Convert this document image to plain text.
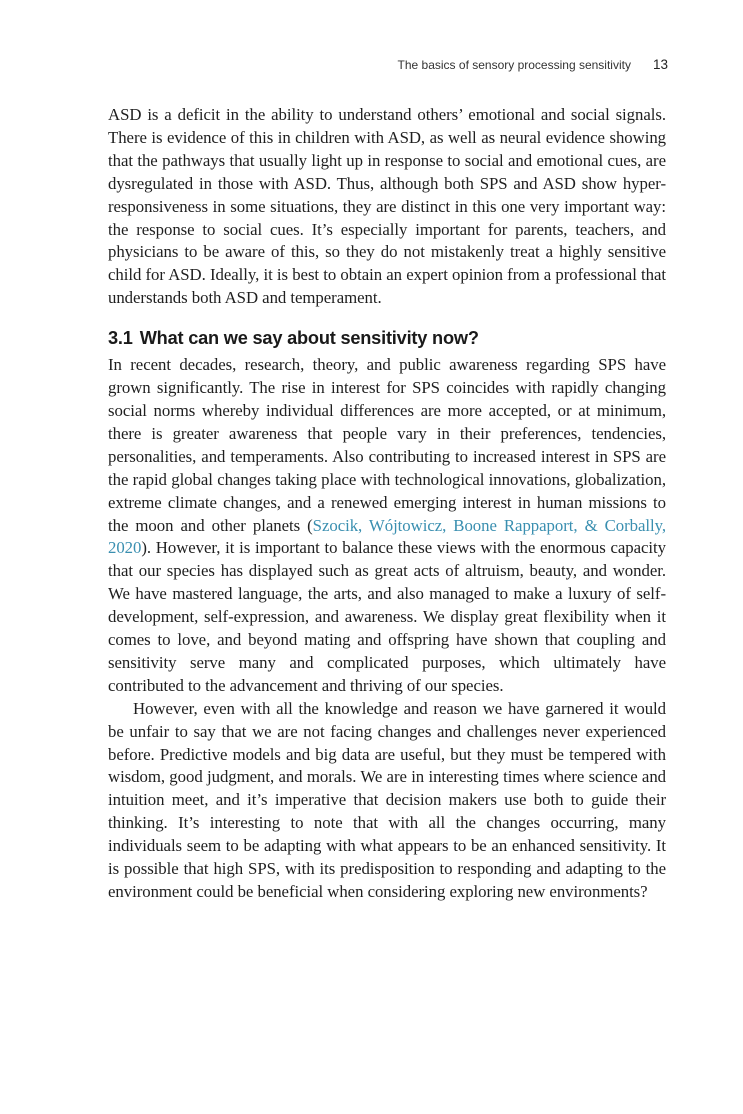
The basics of sensory processing sensitivity 13

ASD is a deficit in the ability to understand others’ emotional and social signals. There is evidence of this in children with ASD, as well as neural evidence showing that the pathways that usually light up in response to social and emotional cues, are dysregulated in those with ASD. Thus, although both SPS and ASD show hyper-responsiveness in some situations, they are distinct in this one very important way: the response to social cues. It’s especially important for parents, teachers, and physicians to be aware of this, so they do not mistakenly treat a highly sensitive child for ASD. Ideally, it is best to obtain an expert opinion from a professional that understands both ASD and temperament.

3.1 What can we say about sensitivity now?

In recent decades, research, theory, and public awareness regarding SPS have grown significantly. The rise in interest for SPS coincides with rapidly changing social norms whereby individual differences are more accepted, or at minimum, there is greater awareness that people vary in their preferences, tendencies, personalities, and temperaments. Also contributing to increased interest in SPS are the rapid global changes taking place with technological innovations, globalization, extreme climate changes, and a renewed emerging interest in human missions to the moon and other planets (Szocik, Wójtowicz, Boone Rappaport, & Corbally, 2020). However, it is important to balance these views with the enormous capacity that our species has displayed such as great acts of altruism, beauty, and wonder. We have mastered language, the arts, and also managed to make a luxury of self-development, self-expression, and awareness. We display great flexibility when it comes to love, and beyond mating and offspring have shown that coupling and sensitivity serve many and complicated purposes, which ultimately have contributed to the advancement and thriving of our species.

However, even with all the knowledge and reason we have garnered it would be unfair to say that we are not facing changes and challenges never experienced before. Predictive models and big data are useful, but they must be tempered with wisdom, good judgment, and morals. We are in interesting times where science and intuition meet, and it’s imperative that decision makers use both to guide their thinking. It’s interesting to note that with all the changes occurring, many individuals seem to be adapting with what appears to be an enhanced sensitivity. It is possible that high SPS, with its predisposition to responding and adapting to the environment could be beneficial when considering exploring new environments?
